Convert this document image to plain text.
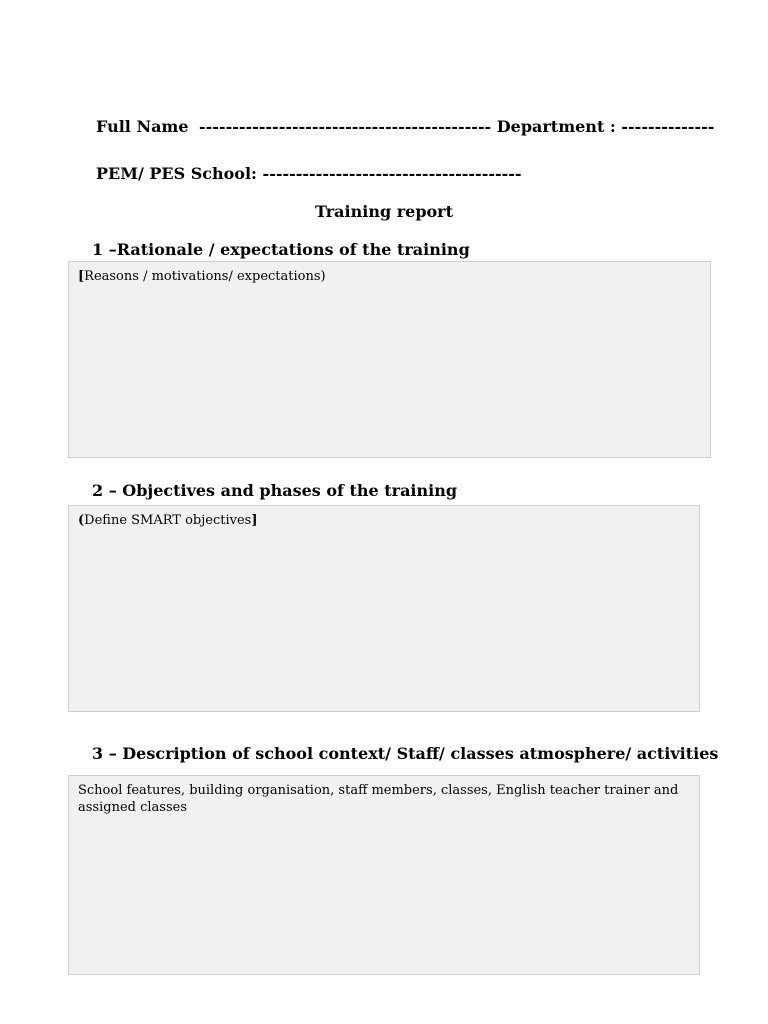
Full Name -------------------------------------------- Department : --------------
PEM/ PES School: ---------------------------------------
Training report
1 –Rationale / expectations of the training
[Reasons / motivations/ expectations)
2 – Objectives and phases of the training
(Define SMART objectives]
3 – Description of school context/ Staff/ classes atmosphere/ activities
School features, building organisation, staff members, classes, English teacher trainer and assigned classes
